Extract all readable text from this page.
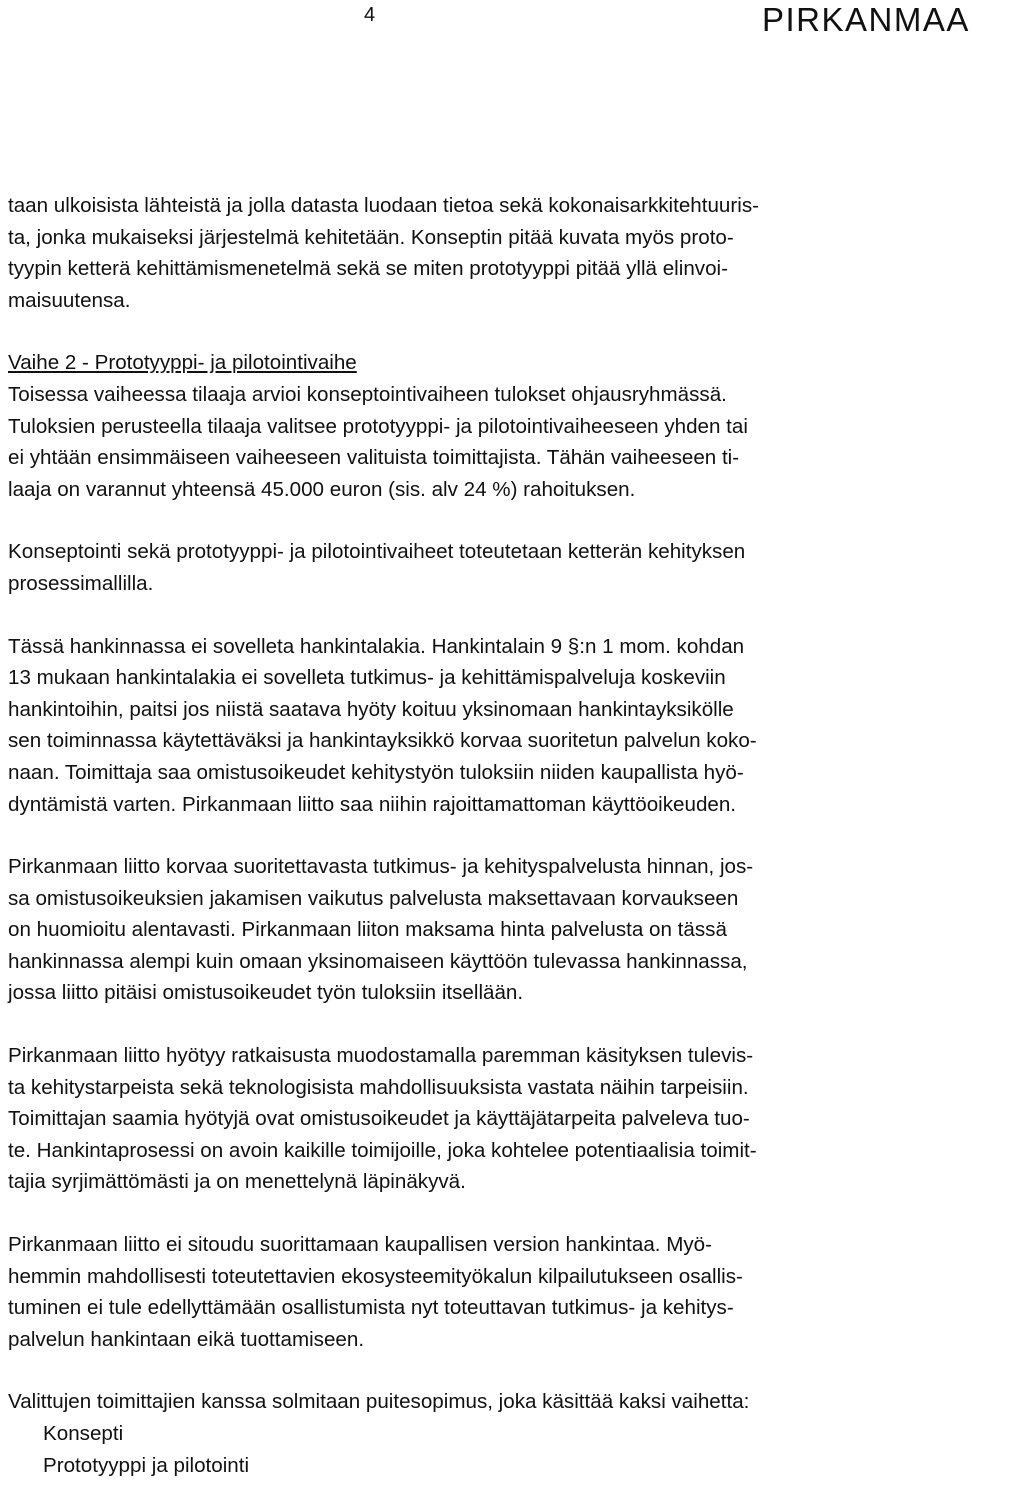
4	PIRKANMAA
taan ulkoisista lähteistä ja jolla datasta luodaan tietoa sekä kokonaisarkkitehtuuris-
ta, jonka mukaiseksi järjestelmä kehitetään. Konseptin pitää kuvata myös proto-
tyypin ketterä kehittämismenetelmä sekä se miten prototyyppi pitää yllä elinvoi-
maisuutensa.
Vaihe 2 - Prototyyppi- ja pilotointivaihe
Toisessa vaiheessa tilaaja arvioi konseptointivaiheen tulokset ohjausryhmässä.
Tuloksien perusteella tilaaja valitsee prototyyppi- ja pilotointivaiheeseen yhden tai
ei yhtään ensimmäiseen vaiheeseen valituista toimittajista. Tähän vaiheeseen ti-
laaja on varannut yhteensä 45.000 euron (sis. alv 24 %) rahoituksen.
Konseptointi sekä prototyyppi- ja pilotointivaiheet toteutetaan ketterän kehityksen
prosessimallilla.
Tässä hankinnassa ei sovelleta hankintalakia. Hankintalain 9 §:n 1 mom. kohdan
13 mukaan hankintalakia ei sovelleta tutkimus- ja kehittämispalveluja koskeviin
hankintoihin, paitsi jos niistä saatava hyöty koituu yksinomaan hankintayksikölle
sen toiminnassa käytettäväksi ja hankintayksikkö korvaa suoritetun palvelun koko-
naan. Toimittaja saa omistusoikeudet kehitystyön tuloksiin niiden kaupallista hyö-
dyntämistä varten. Pirkanmaan liitto saa niihin rajoittamattoman käyttöoikeuden.
Pirkanmaan liitto korvaa suoritettavasta tutkimus- ja kehityspalvelusta hinnan, jos-
sa omistusoikeuksien jakamisen vaikutus palvelusta maksettavaan korvaukseen
on huomioitu alentavasti. Pirkanmaan liiton maksama hinta palvelusta on tässä
hankinnassa alempi kuin omaan yksinomaiseen käyttöön tulevassa hankinnassa,
jossa liitto pitäisi omistusoikeudet työn tuloksiin itsellään.
Pirkanmaan liitto hyötyy ratkaisusta muodostamalla paremman käsityksen tulevis-
ta kehitystarpeista sekä teknologisista mahdollisuuksista vastata näihin tarpeisiin.
Toimittajan saamia hyötyjä ovat omistusoikeudet ja käyttäjätarpeita palveleva tuo-
te. Hankintaprosessi on avoin kaikille toimijoille, joka kohtelee potentiaalisia toimit-
tajia syrjimättömästi ja on menettelynä läpinäkyvä.
Pirkanmaan liitto ei sitoudu suorittamaan kaupallisen version hankintaa. Myö-
hemmin mahdollisesti toteutettavien ekosysteemityökalun kilpailutukseen osallis-
tuminen ei tule edellyttämään osallistumista nyt toteuttavan tutkimus- ja kehitys-
palvelun hankintaan eikä tuottamiseen.
Valittujen toimittajien kanssa solmitaan puitesopimus, joka käsittää kaksi vaihetta:
Konsepti
Prototyyppi ja pilotointi
